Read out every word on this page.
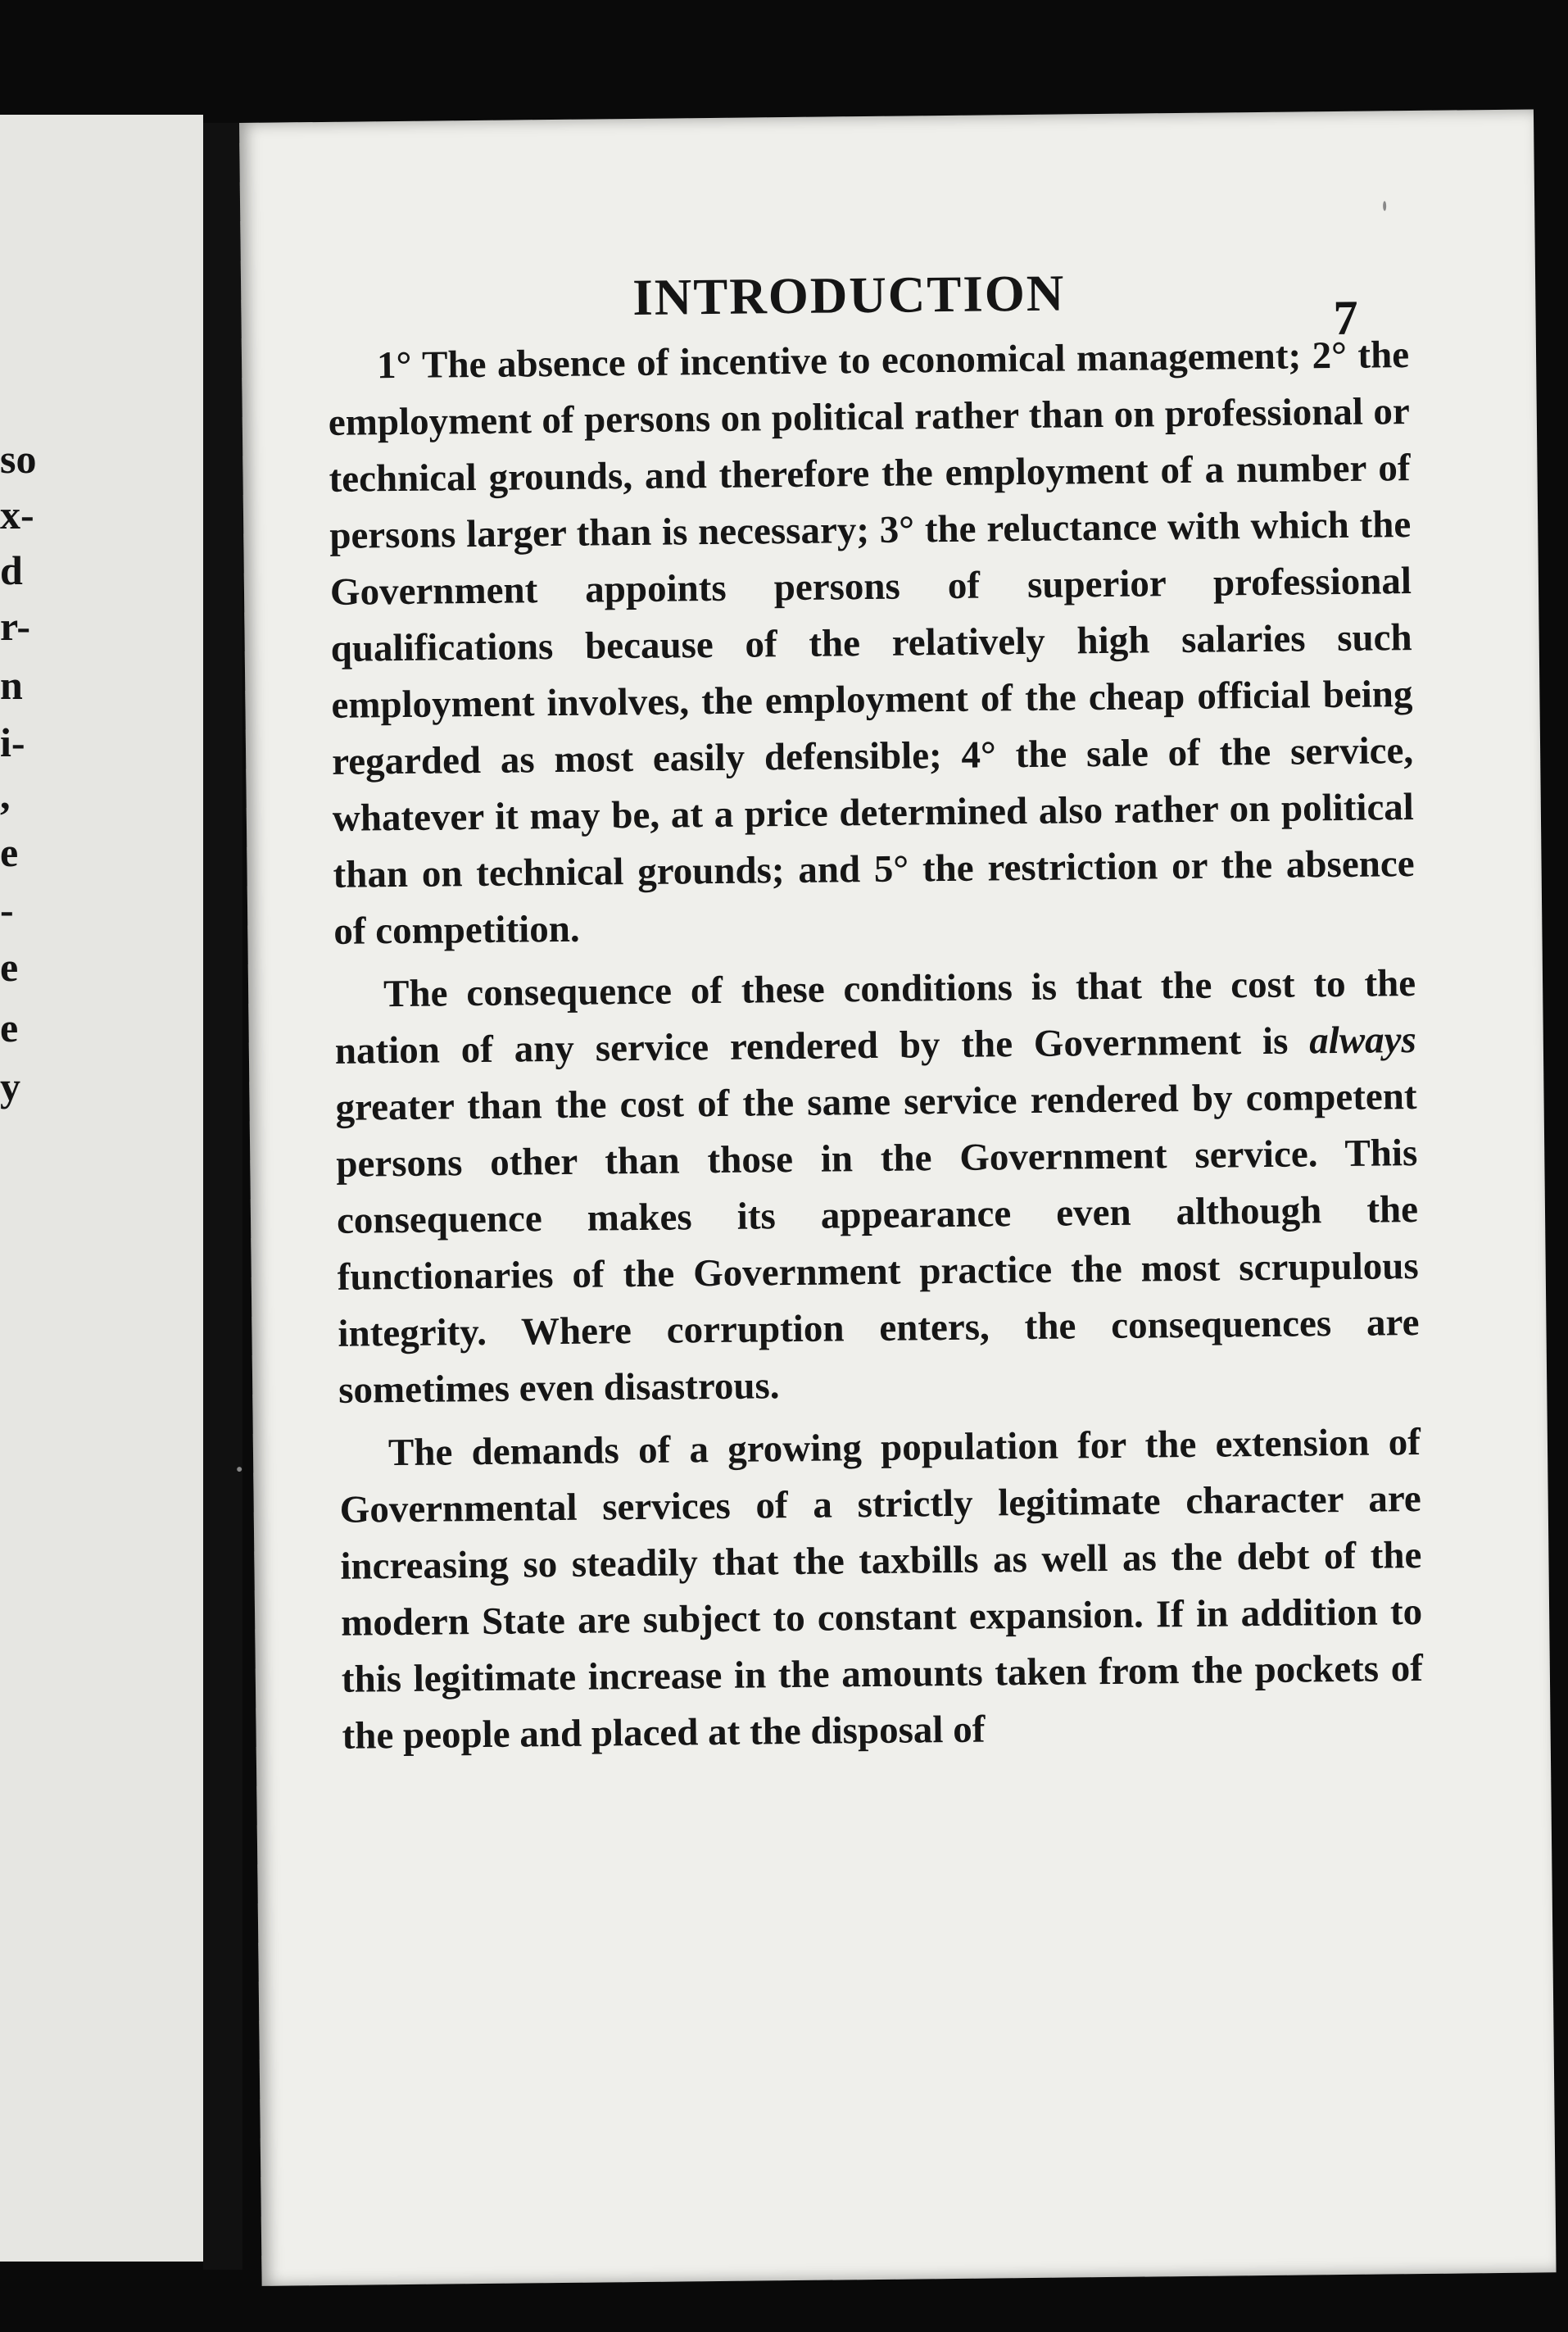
so
x-
d
r-
n
i-
,
e
-
e
e
y
INTRODUCTION	7

1° The absence of incentive to economical management; 2° the employment of persons on political rather than on professional or technical grounds, and therefore the employment of a number of persons larger than is necessary; 3° the reluctance with which the Government appoints persons of superior professional qualifications because of the relatively high salaries such employment involves, the employment of the cheap official being regarded as most easily defensible; 4° the sale of the service, whatever it may be, at a price determined also rather on political than on technical grounds; and 5° the restriction or the absence of competition.

The consequence of these conditions is that the cost to the nation of any service rendered by the Government is always greater than the cost of the same service rendered by competent persons other than those in the Government service. This consequence makes its appearance even although the functionaries of the Government practice the most scrupulous integrity. Where corruption enters, the consequences are sometimes even disastrous.

The demands of a growing population for the extension of Governmental services of a strictly legitimate character are increasing so steadily that the taxbills as well as the debt of the modern State are subject to constant expansion. If in addition to this legitimate increase in the amounts taken from the pockets of the people and placed at the disposal of
